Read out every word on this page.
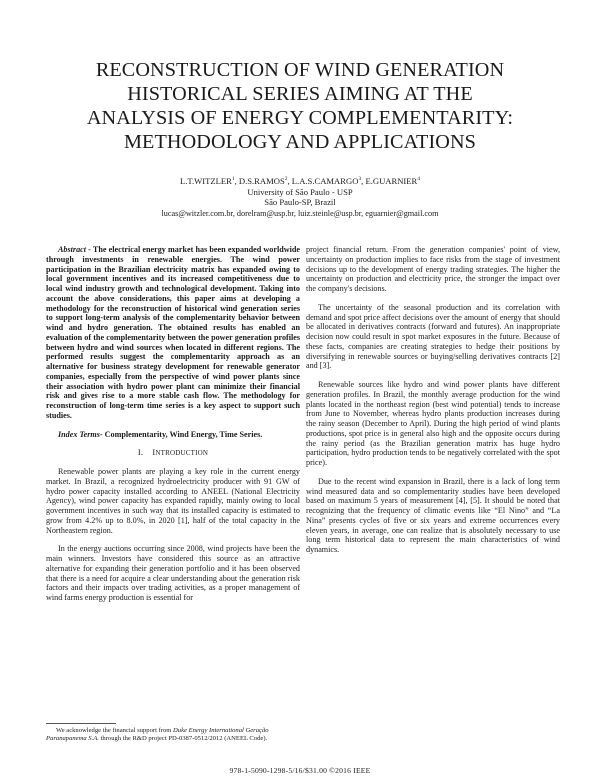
RECONSTRUCTION OF WIND GENERATION
HISTORICAL SERIES AIMING AT THE
ANALYSIS OF ENERGY COMPLEMENTARITY:
METHODOLOGY AND APPLICATIONS
L.T.WITZLER$^1$, D.S.RAMOS$^2$, L.A.S.CAMARGO$^3$, E.GUARNIER$^4$
University of São Paulo - USP
São Paulo-SP, Brazil
lucas@witzler.com.br, dorelram@usp.br, luiz.steinle@usp.br, eguarnier@gmail.com

Abstract - The electrical energy market has been expanded worldwide through investments in renewable energies. The wind power participation in the Brazilian electricity matrix has expanded owing to local government incentives and its increased competitiveness due to local wind industry growth and technological development. Taking into account the above considerations, this paper aims at developing a methodology for the reconstruction of historical wind generation series to support long-term analysis of the complementarity behavior between wind and hydro generation. The obtained results has enabled an evaluation of the complementarity between the power generation profiles between hydro and wind sources when located in different regions. The performed results suggest the complementarity approach as an alternative for business strategy development for renewable generator companies, especially from the perspective of wind power plants since their association with hydro power plant can minimize their financial risk and gives rise to a more stable cash flow. The methodology for reconstruction of long-term time series is a key aspect to support such studies.

Index Terms- Complementarity, Wind Energy, Time Series.

I. INTRODUCTION

Renewable power plants are playing a key role in the current energy market. In Brazil, a recognized hydroelectricity producer with 91 GW of hydro power capacity installed according to ANEEL (National Electricity Agency), wind power capacity has expanded rapidly, mainly owing to local government incentives in such way that its installed capacity is estimated to grow from 4.2% up to 8.0%, in 2020 [1], half of the total capacity in the Northeastern region.

In the energy auctions occurring since 2008, wind projects have been the main winners. Investors have considered this source as an attractive alternative for expanding their generation portfolio and it has been observed that there is a need for acquire a clear understanding about the generation risk factors and their impacts over trading activities, as a proper management of wind farms energy production is essential for

project financial return. From the generation companies' point of view, uncertainty on production implies to face risks from the stage of investment decisions up to the development of energy trading strategies. The higher the uncertainty on production and electricity price, the stronger the impact over the company's decisions.

The uncertainty of the seasonal production and its correlation with demand and spot price affect decisions over the amount of energy that should be allocated in derivatives contracts (forward and futures). An inappropriate decision now could result in spot market exposures in the future. Because of these facts, companies are creating strategies to hedge their positions by diversifying in renewable sources or buying/selling derivatives contracts [2] and [3].

Renewable sources like hydro and wind power plants have different generation profiles. In Brazil, the monthly average production for the wind plants located in the northeast region (best wind potential) tends to increase from June to November, whereas hydro plants production increases during the rainy season (December to April). During the high period of wind plants productions, spot price is in general also high and the opposite occurs during the rainy period (as the Brazilian generation matrix has huge hydro participation, hydro production tends to be negatively correlated with the spot price).

Due to the recent wind expansion in Brazil, there is a lack of long term wind measured data and so complementarity studies have been developed based on maximum 5 years of measurement [4], [5]. It should be noted that recognizing that the frequency of climatic events like “El Nino” and “La Nina” presents cycles of five or six years and extreme occurrences every eleven years, in average, one can realize that is absolutely necessary to use long term historical data to represent the main characteristics of wind dynamics.

We acknowledge the financial support from Duke Energy International Geração Paranapanema S.A. through the R&D project PD-0387-0512/2012 (ANEEL Code).
978-1-5090-1298-5/16/$31.00 ©2016 IEEE
